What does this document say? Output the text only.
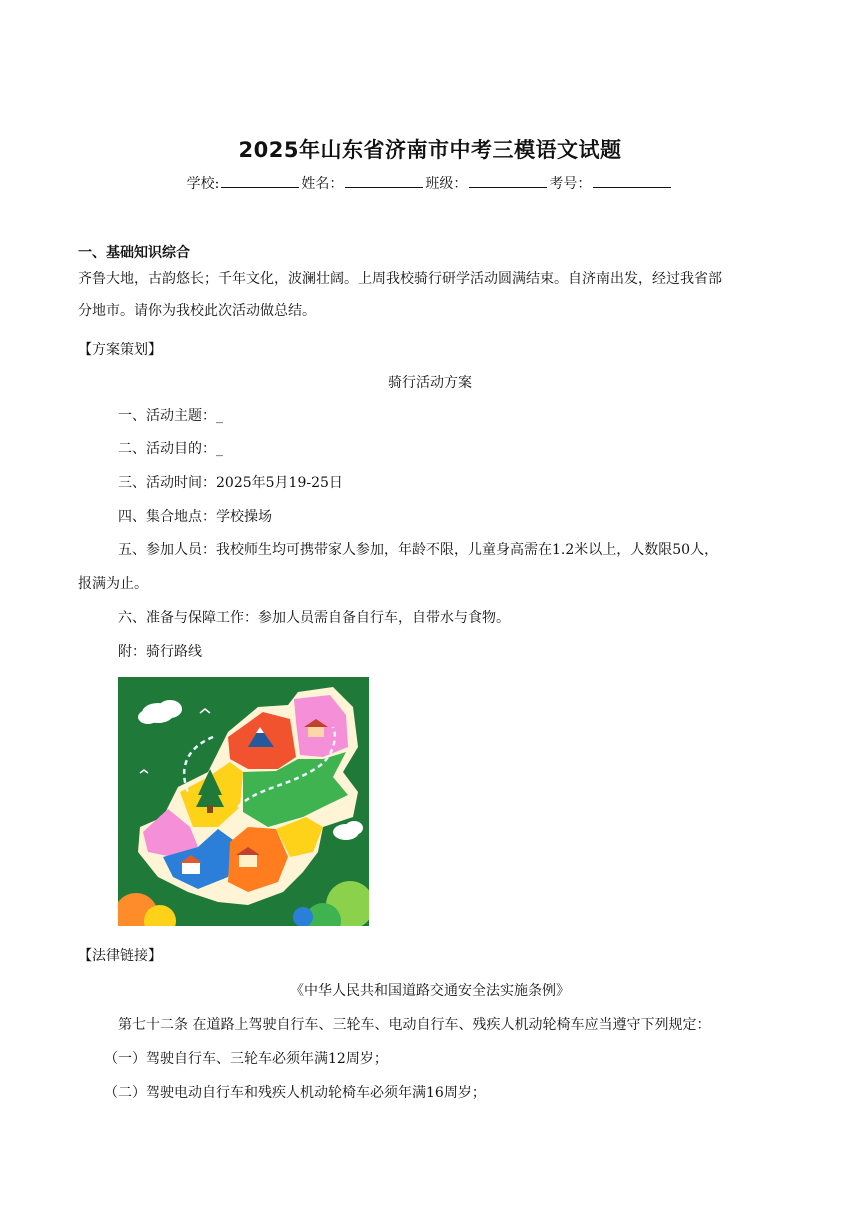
2025年山东省济南市中考三模语文试题
学校:	姓名：	班级：	考号：
一、基础知识综合
齐鲁大地，古韵悠长；千年文化，波澜壮阔。上周我校骑行研学活动圆满结束。自济南出发，经过我省部
分地市。请你为我校此次活动做总结。
【方案策划】
骑行活动方案
一、活动主题：_
二、活动目的：_
三、活动时间：2025年5月19-25日
四、集合地点：学校操场
五、参加人员：我校师生均可携带家人参加，年龄不限，儿童身高需在1.2米以上，人数限50人，
报满为止。
六、准备与保障工作：参加人员需自备自行车，自带水与食物。
附：骑行路线
【法律链接】
《中华人民共和国道路交通安全法实施条例》
第七十二条 在道路上驾驶自行车、三轮车、电动自行车、残疾人机动轮椅车应当遵守下列规定：
（一）驾驶自行车、三轮车必须年满12周岁；
（二）驾驶电动自行车和残疾人机动轮椅车必须年满16周岁；
